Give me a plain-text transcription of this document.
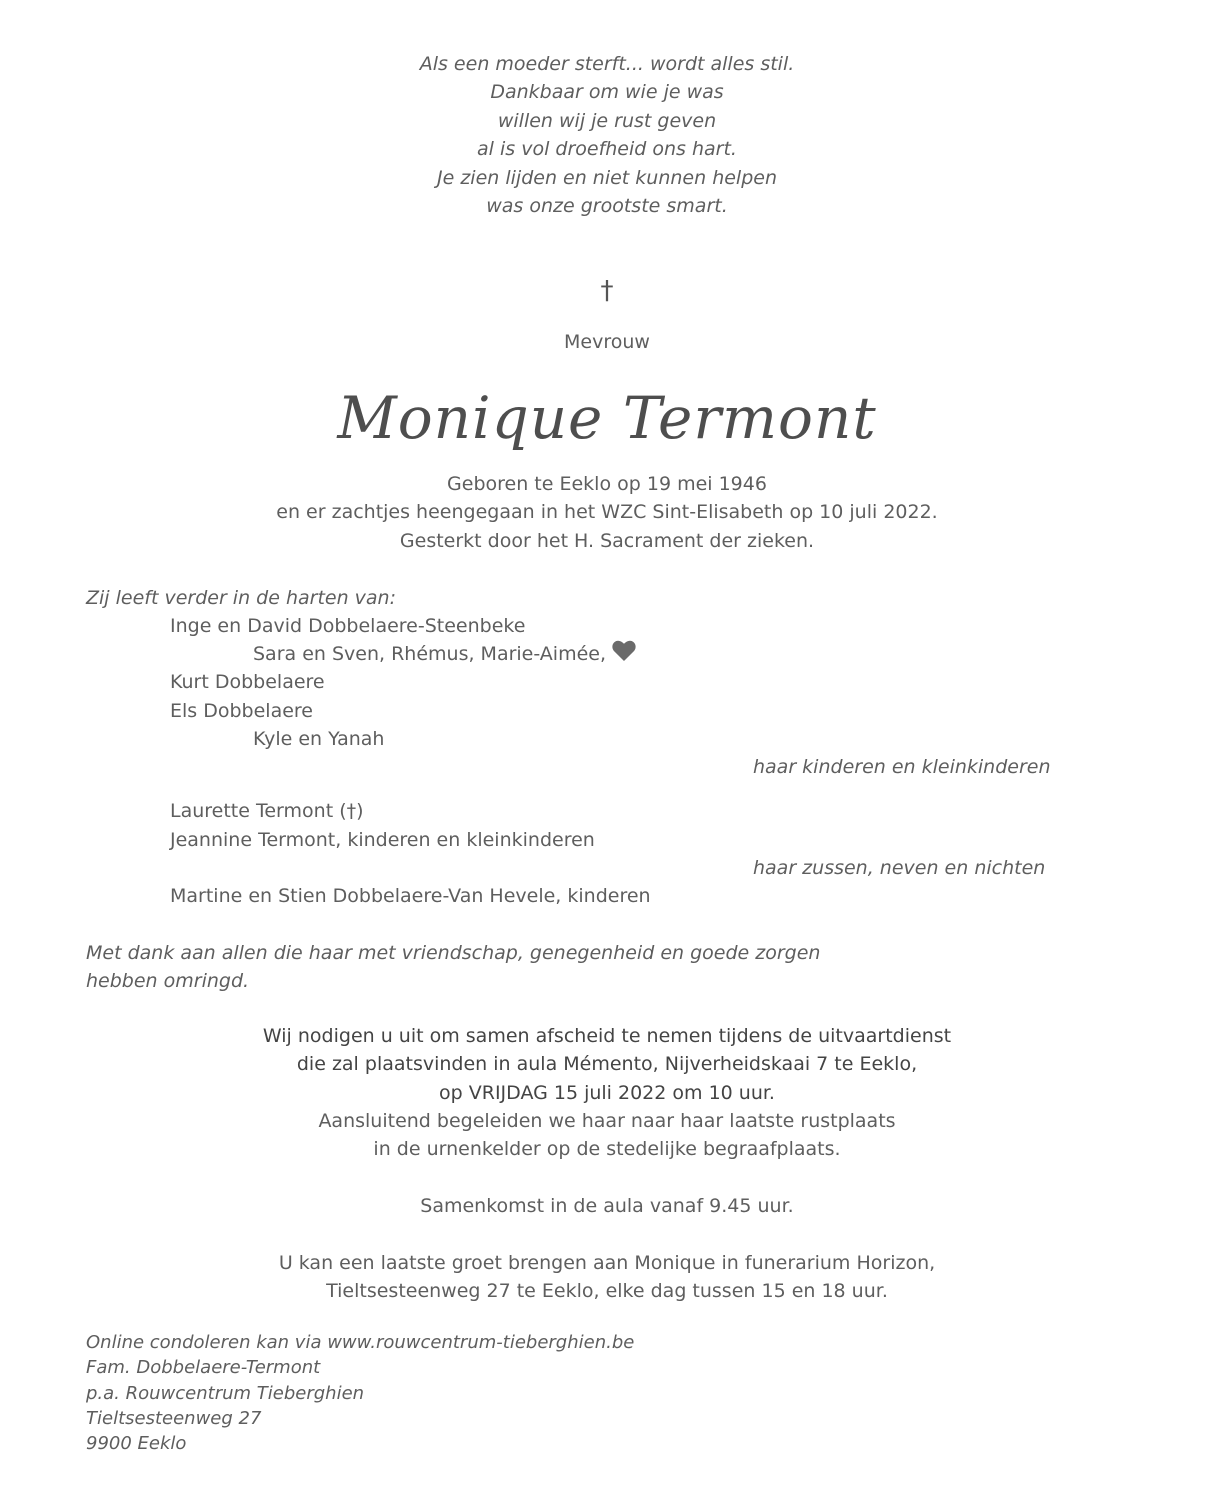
Als een moeder sterft... wordt alles stil.
Dankbaar om wie je was
willen wij je rust geven
al is vol droefheid ons hart.
Je zien lijden en niet kunnen helpen
was onze grootste smart.
†
Mevrouw
Monique Termont
Geboren te Eeklo op 19 mei 1946
en er zachtjes heengegaan in het WZC Sint-Elisabeth op 10 juli 2022.
Gesterkt door het H. Sacrament der zieken.
Zij leeft verder in de harten van:
Inge en David Dobbelaere-Steenbeke
Sara en Sven, Rhémus, Marie-Aimée,
Kurt Dobbelaere
Els Dobbelaere
Kyle en Yanah
haar kinderen en kleinkinderen
Laurette Termont (†)
Jeannine Termont, kinderen en kleinkinderen
haar zussen, neven en nichten
Martine en Stien Dobbelaere-Van Hevele, kinderen
Met dank aan allen die haar met vriendschap, genegenheid en goede zorgen
hebben omringd.
Wij nodigen u uit om samen afscheid te nemen tijdens de uitvaartdienst
die zal plaatsvinden in aula Mémento, Nijverheidskaai 7 te Eeklo,
op VRIJDAG 15 juli 2022 om 10 uur.
Aansluitend begeleiden we haar naar haar laatste rustplaats
in de urnenkelder op de stedelijke begraafplaats.
Samenkomst in de aula vanaf 9.45 uur.
U kan een laatste groet brengen aan Monique in funerarium Horizon,
Tieltsesteenweg 27 te Eeklo, elke dag tussen 15 en 18 uur.
Online condoleren kan via www.rouwcentrum-tieberghien.be
Fam. Dobbelaere-Termont
p.a. Rouwcentrum Tieberghien
Tieltsesteenweg 27
9900 Eeklo
